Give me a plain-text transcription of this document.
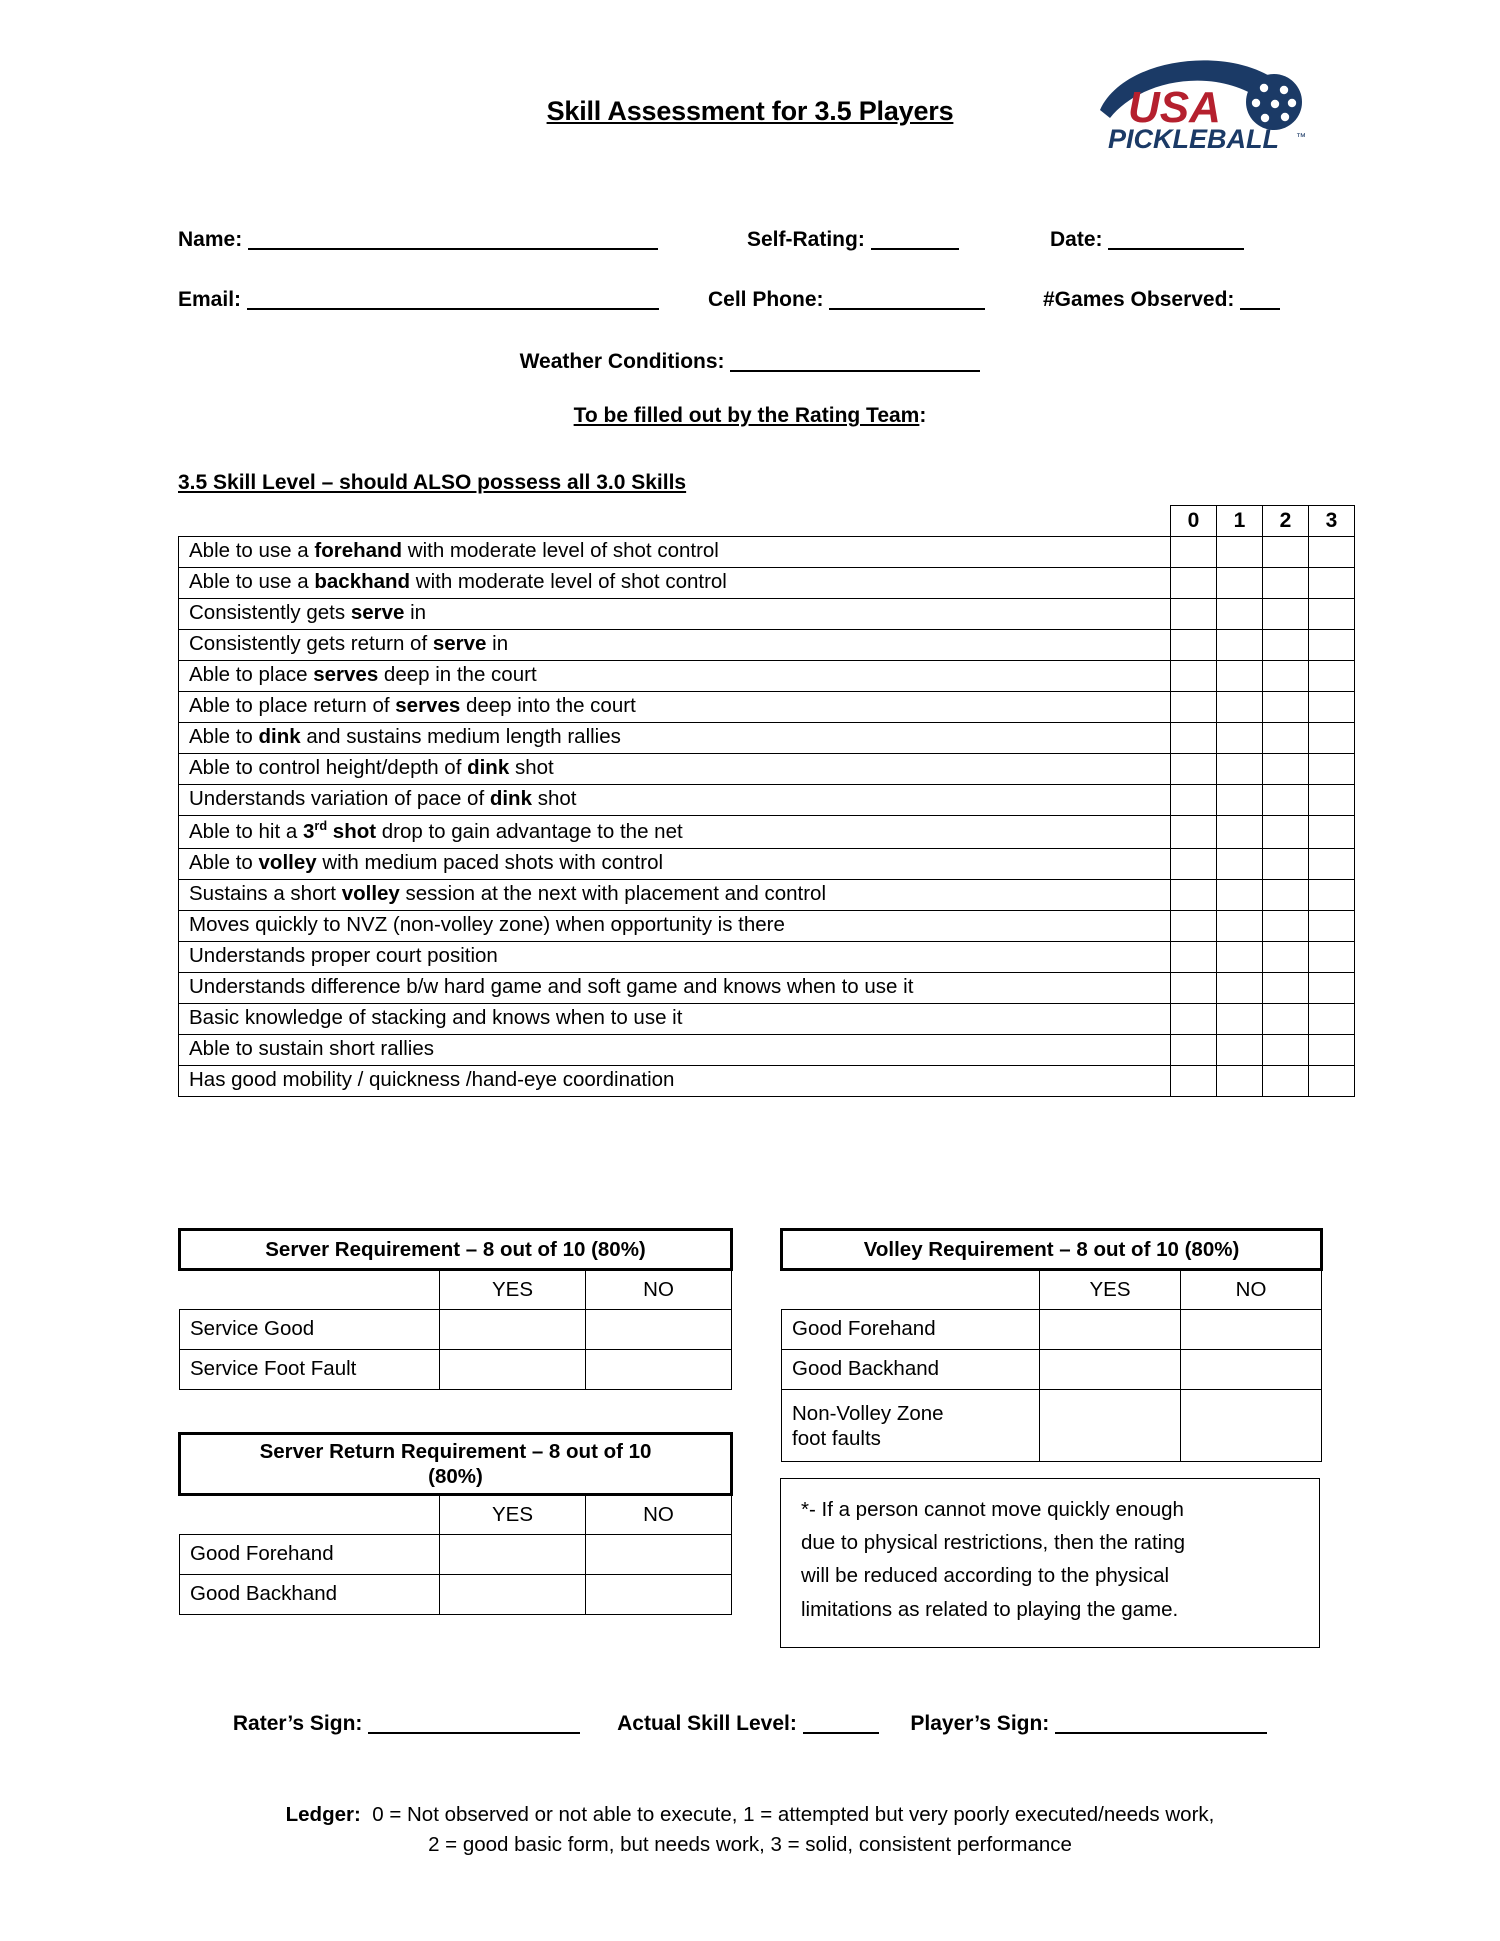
Skill Assessment for 3.5 Players	USA
PICKLEBALL ™
Name:	Self-Rating:	Date:
Email:	Cell Phone:	#Games Observed:
Weather Conditions:
To be filled out by the Rating Team:
3.5 Skill Level – should ALSO possess all 3.0 Skills
	0	1	2	3
Able to use a forehand with moderate level of shot control				
Able to use a backhand with moderate level of shot control				
Consistently gets serve in				
Consistently gets return of serve in				
Able to place serves deep in the court				
Able to place return of serves deep into the court				
Able to dink and sustains medium length rallies				
Able to control height/depth of dink shot				
Understands variation of pace of dink shot				
Able to hit a 3rd shot drop to gain advantage to the net				
Able to volley with medium paced shots with control				
Sustains a short volley session at the next with placement and control				
Moves quickly to NVZ (non-volley zone) when opportunity is there				
Understands proper court position				
Understands difference b/w hard game and soft game and knows when to use it				
Basic knowledge of stacking and knows when to use it				
Able to sustain short rallies				
Has good mobility / quickness /hand-eye coordination				
Server Requirement – 8 out of 10 (80%)		
	YES	NO
Service Good		
Service Foot Fault		
Server Return Requirement – 8 out of 10
(80%)		
	YES	NO
Good Forehand		
Good Backhand		
Volley Requirement – 8 out of 10 (80%)		
	YES	NO
Good Forehand		
Good Backhand		
Non-Volley Zone
foot faults		
*- If a person cannot move quickly enough
due to physical restrictions, then the rating
will be reduced according to the physical
limitations as related to playing the game.
Rater’s Sign:	Actual Skill Level:	Player’s Sign:
Ledger: 0 = Not observed or not able to execute, 1 = attempted but very poorly executed/needs work,
2 = good basic form, but needs work, 3 = solid, consistent performance
